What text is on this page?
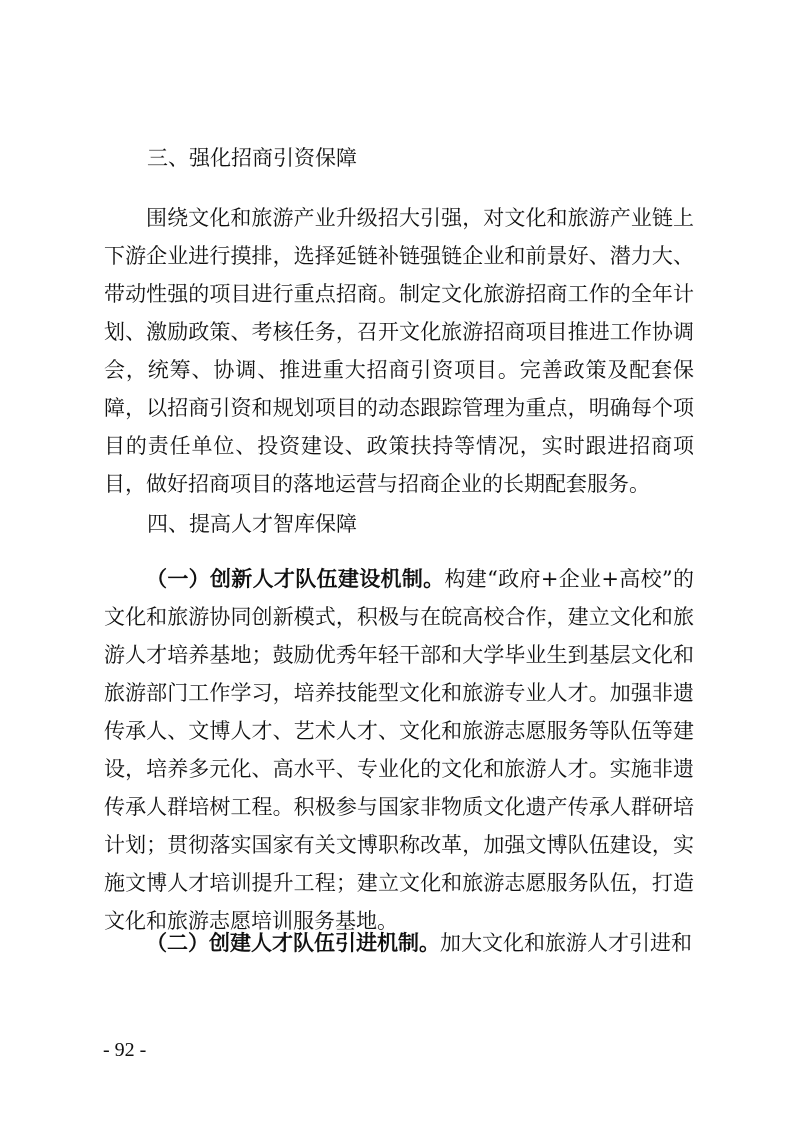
三、强化招商引资保障

围绕文化和旅游产业升级招大引强，对文化和旅游产业链上下游企业进行摸排，选择延链补链强链企业和前景好、潜力大、带动性强的项目进行重点招商。制定文化旅游招商工作的全年计划、激励政策、考核任务，召开文化旅游招商项目推进工作协调会，统筹、协调、推进重大招商引资项目。完善政策及配套保障，以招商引资和规划项目的动态跟踪管理为重点，明确每个项目的责任单位、投资建设、政策扶持等情况，实时跟进招商项目，做好招商项目的落地运营与招商企业的长期配套服务。

四、提高人才智库保障

（一）创新人才队伍建设机制。构建“政府+企业+高校”的文化和旅游协同创新模式，积极与在皖高校合作，建立文化和旅游人才培养基地；鼓励优秀年轻干部和大学毕业生到基层文化和旅游部门工作学习，培养技能型文化和旅游专业人才。加强非遗传承人、文博人才、艺术人才、文化和旅游志愿服务等队伍等建设，培养多元化、高水平、专业化的文化和旅游人才。实施非遗传承人群培树工程。积极参与国家非物质文化遗产传承人群研培计划；贯彻落实国家有关文博职称改革，加强文博队伍建设，实施文博人才培训提升工程；建立文化和旅游志愿服务队伍，打造文化和旅游志愿培训服务基地。

（二）创建人才队伍引进机制。加大文化和旅游人才引进和

- 92 -
